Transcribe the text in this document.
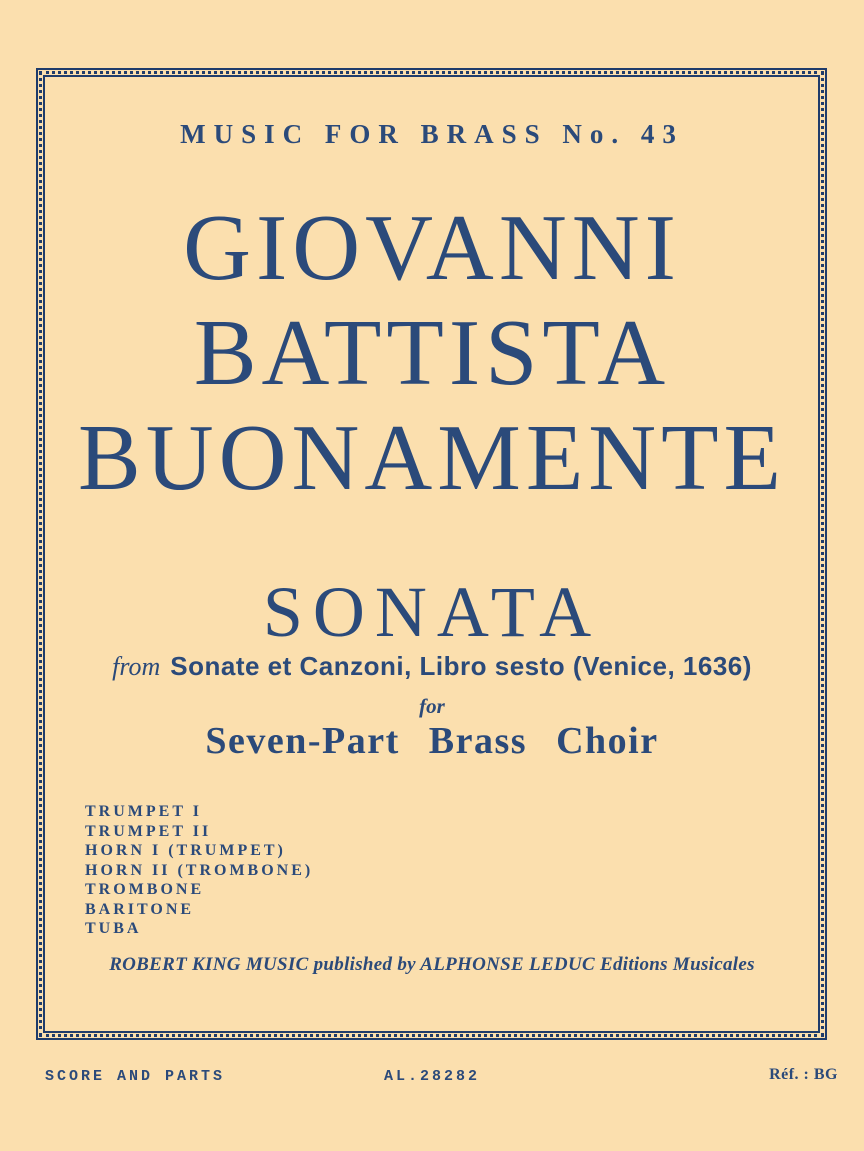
MUSIC FOR BRASS No. 43
GIOVANNI
BATTISTA
BUONAMENTE
SONATA
from Sonate et Canzoni, Libro sesto (Venice, 1636)
for
Seven-Part Brass Choir
TRUMPET I
TRUMPET II
HORN I (TRUMPET)
HORN II (TROMBONE)
TROMBONE
BARITONE
TUBA
ROBERT KING MUSIC published by ALPHONSE LEDUC Editions Musicales
SCORE AND PARTS	AL.28282	Réf. : BG
